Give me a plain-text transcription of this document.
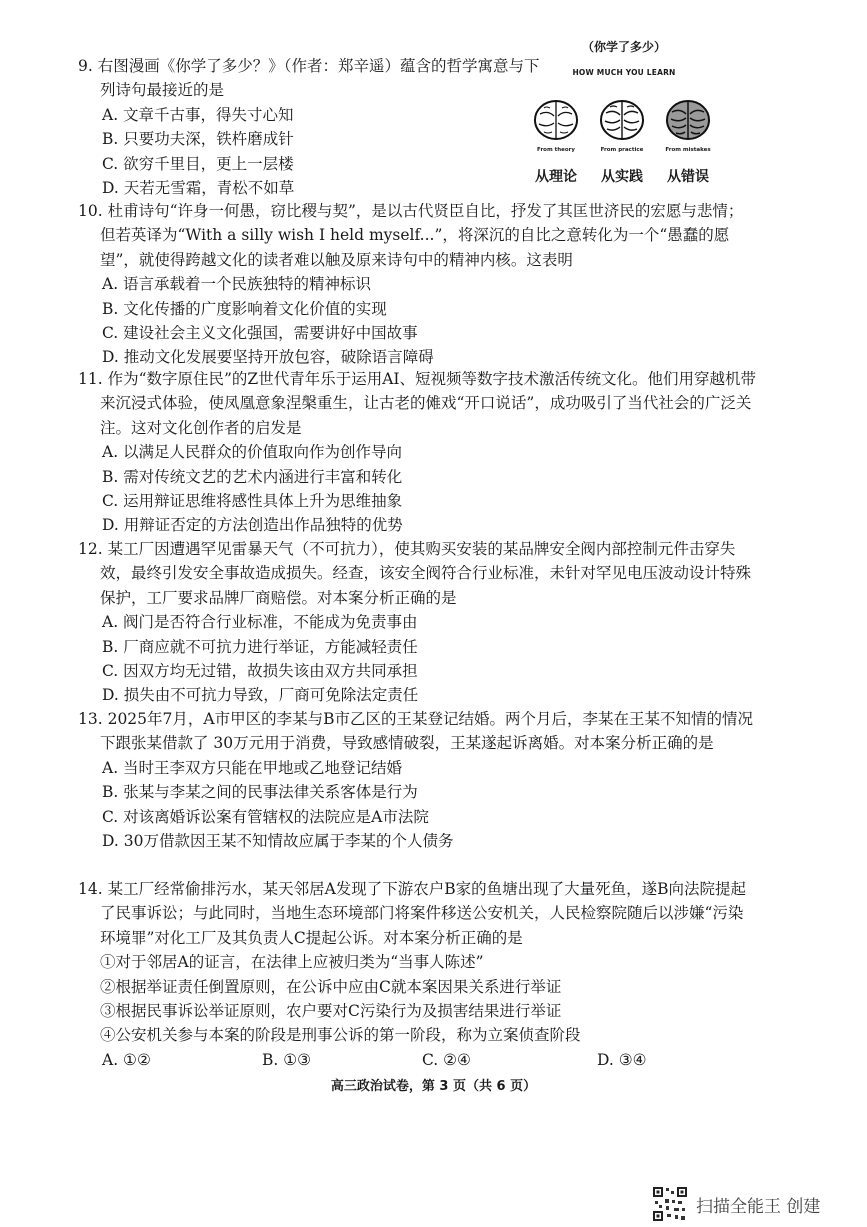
9. 右图漫画《你学了多少？》（作者：郑辛遥）蕴含的哲学寓意与下列诗句最接近的是

A. 文章千古事，得失寸心知

B. 只要功夫深，铁杵磨成针

C. 欲穷千里目，更上一层楼

D. 天若无雪霜，青松不如草

（你学了多少）
HOW MUCH YOU LEARN
From theory	From practice	From mistakes
从理论	从实践	从错误

10. 杜甫诗句“许身一何愚，窃比稷与契”，是以古代贤臣自比，抒发了其匡世济民的宏愿与悲情；但若英译为“With a silly wish I held myself...”，将深沉的自比之意转化为一个“愚蠢的愿望”，就使得跨越文化的读者难以触及原来诗句中的精神内核。这表明

A. 语言承载着一个民族独特的精神标识

B. 文化传播的广度影响着文化价值的实现

C. 建设社会主义文化强国，需要讲好中国故事

D. 推动文化发展要坚持开放包容，破除语言障碍

11. 作为“数字原住民”的Z世代青年乐于运用AI、短视频等数字技术激活传统文化。他们用穿越机带来沉浸式体验，使凤凰意象涅槃重生，让古老的傩戏“开口说话”，成功吸引了当代社会的广泛关注。这对文化创作者的启发是

A. 以满足人民群众的价值取向作为创作导向

B. 需对传统文艺的艺术内涵进行丰富和转化

C. 运用辩证思维将感性具体上升为思维抽象

D. 用辩证否定的方法创造出作品独特的优势

12. 某工厂因遭遇罕见雷暴天气（不可抗力），使其购买安装的某品牌安全阀内部控制元件击穿失效，最终引发安全事故造成损失。经查，该安全阀符合行业标准，未针对罕见电压波动设计特殊保护，工厂要求品牌厂商赔偿。对本案分析正确的是

A. 阀门是否符合行业标准，不能成为免责事由

B. 厂商应就不可抗力进行举证，方能减轻责任

C. 因双方均无过错，故损失该由双方共同承担

D. 损失由不可抗力导致，厂商可免除法定责任

13. 2025年7月，A市甲区的李某与B市乙区的王某登记结婚。两个月后，李某在王某不知情的情况下跟张某借款了 30万元用于消费，导致感情破裂，王某遂起诉离婚。对本案分析正确的是

A. 当时王李双方只能在甲地或乙地登记结婚

B. 张某与李某之间的民事法律关系客体是行为

C. 对该离婚诉讼案有管辖权的法院应是A市法院

D. 30万借款因王某不知情故应属于李某的个人债务

14. 某工厂经常偷排污水，某天邻居A发现了下游农户B家的鱼塘出现了大量死鱼，遂B向法院提起了民事诉讼；与此同时，当地生态环境部门将案件移送公安机关，人民检察院随后以涉嫌“污染环境罪”对化工厂及其负责人C提起公诉。对本案分析正确的是

①对于邻居A的证言，在法律上应被归类为“当事人陈述”

②根据举证责任倒置原则，在公诉中应由C就本案因果关系进行举证

③根据民事诉讼举证原则，农户要对C污染行为及损害结果进行举证

④公安机关参与本案的阶段是刑事公诉的第一阶段，称为立案侦查阶段

A. ①②	B. ①③	C. ②④	D. ③④
高三政治试卷，第 3 页（共 6 页）
扫描全能王 创建
